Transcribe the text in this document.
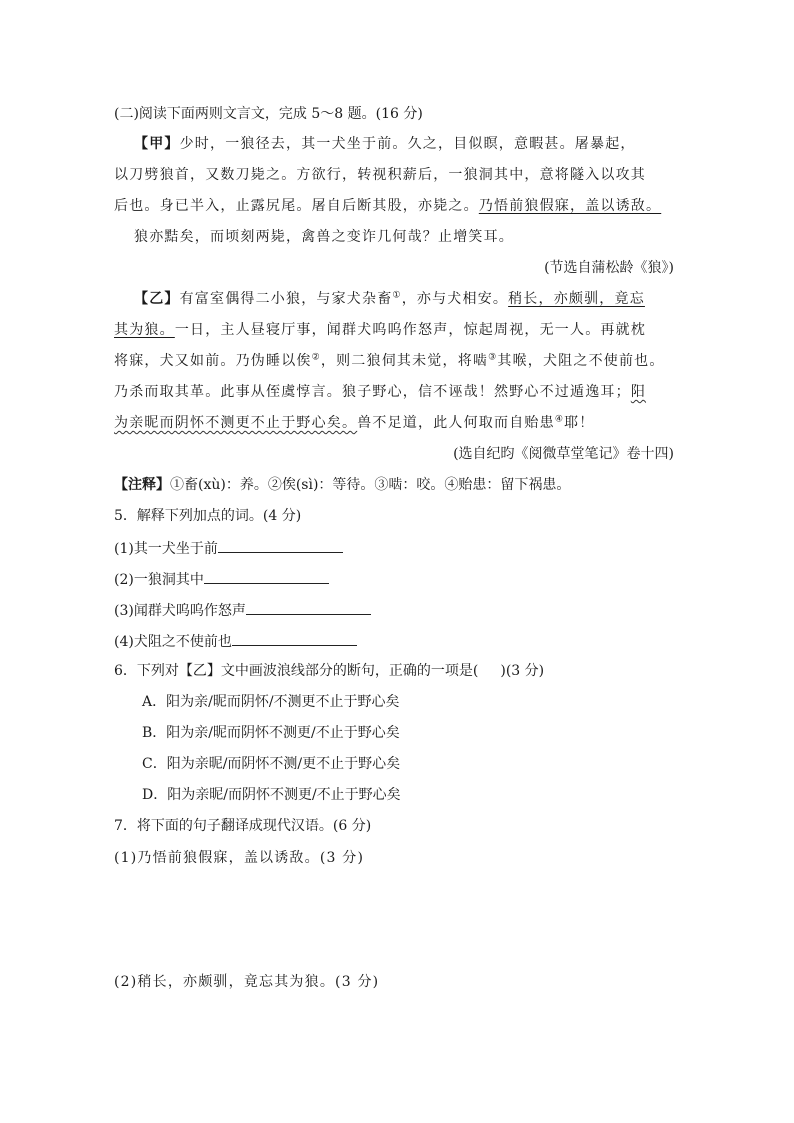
(二)阅读下面两则文言文，完成 5～8 题。(16 分)
【甲】少时，一狼径去，其一犬坐于前。久之，目似瞑，意暇甚。屠暴起，
以刀劈狼首，又数刀毙之。方欲行，转视积薪后，一狼洞其中，意将隧入以攻其
后也。身已半入，止露尻尾。屠自后断其股，亦毙之。乃悟前狼假寐，盖以诱敌。
狼亦黠矣，而顷刻两毙，禽兽之变诈几何哉？止增笑耳。
(节选自蒲松龄《狼》)
【乙】有富室偶得二小狼，与家犬杂畜①，亦与犬相安。稍长，亦颇驯，竟忘
其为狼。一日，主人昼寝厅事，闻群犬呜呜作怒声，惊起周视，无一人。再就枕
将寐，犬又如前。乃伪睡以俟②，则二狼伺其未觉，将啮③其喉，犬阻之不使前也。
乃杀而取其革。此事从侄虞惇言。狼子野心，信不诬哉！然野心不过遁逸耳；阳
为亲昵而阴怀不测更不止于野心矣。兽不足道，此人何取而自贻患④耶！
(选自纪昀《阅微草堂笔记》卷十四)
【注释】①畜(xù)：养。②俟(sì)：等待。③啮：咬。④贻患：留下祸患。
5．解释下列加点的词。(4 分)
(1)其一犬坐于前
(2)一狼洞其中
(3)闻群犬呜呜作怒声
(4)犬阻之不使前也
6．下列对【乙】文中画波浪线部分的断句，正确的一项是( )(3 分)
A．阳为亲/昵而阴怀/不测更不止于野心矣
B．阳为亲/昵而阴怀不测更/不止于野心矣
C．阳为亲昵/而阴怀不测/更不止于野心矣
D．阳为亲昵/而阴怀不测更/不止于野心矣
7．将下面的句子翻译成现代汉语。(6 分)
(1)乃悟前狼假寐，盖以诱敌。(3 分)
(2)稍长，亦颇驯，竟忘其为狼。(3 分)
